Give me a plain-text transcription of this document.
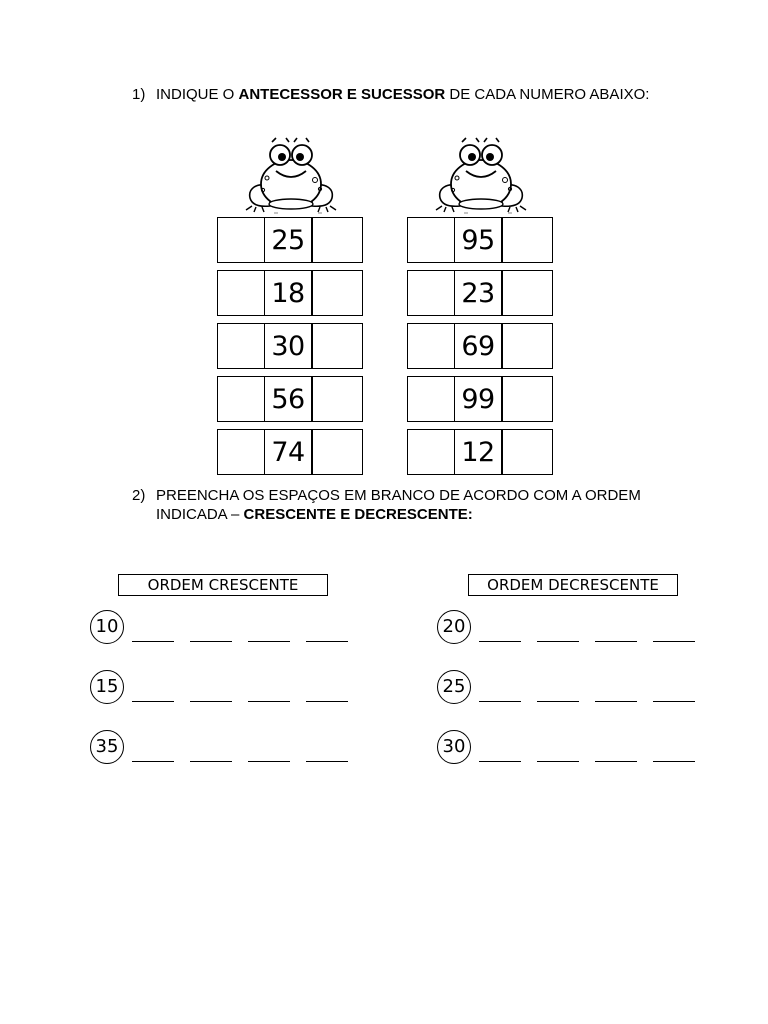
1) INDIQUE O ANTECESSOR E SUCESSOR DE CADA NUMERO ABAIXO:
25
18
30
56
74
95
23
69
99
12
2) PREENCHA OS ESPAÇOS EM BRANCO DE ACORDO COM A ORDEM INDICADA – CRESCENTE E DECRESCENTE:
ORDEM CRESCENTE
10
15
35
ORDEM DECRESCENTE
20
25
30
